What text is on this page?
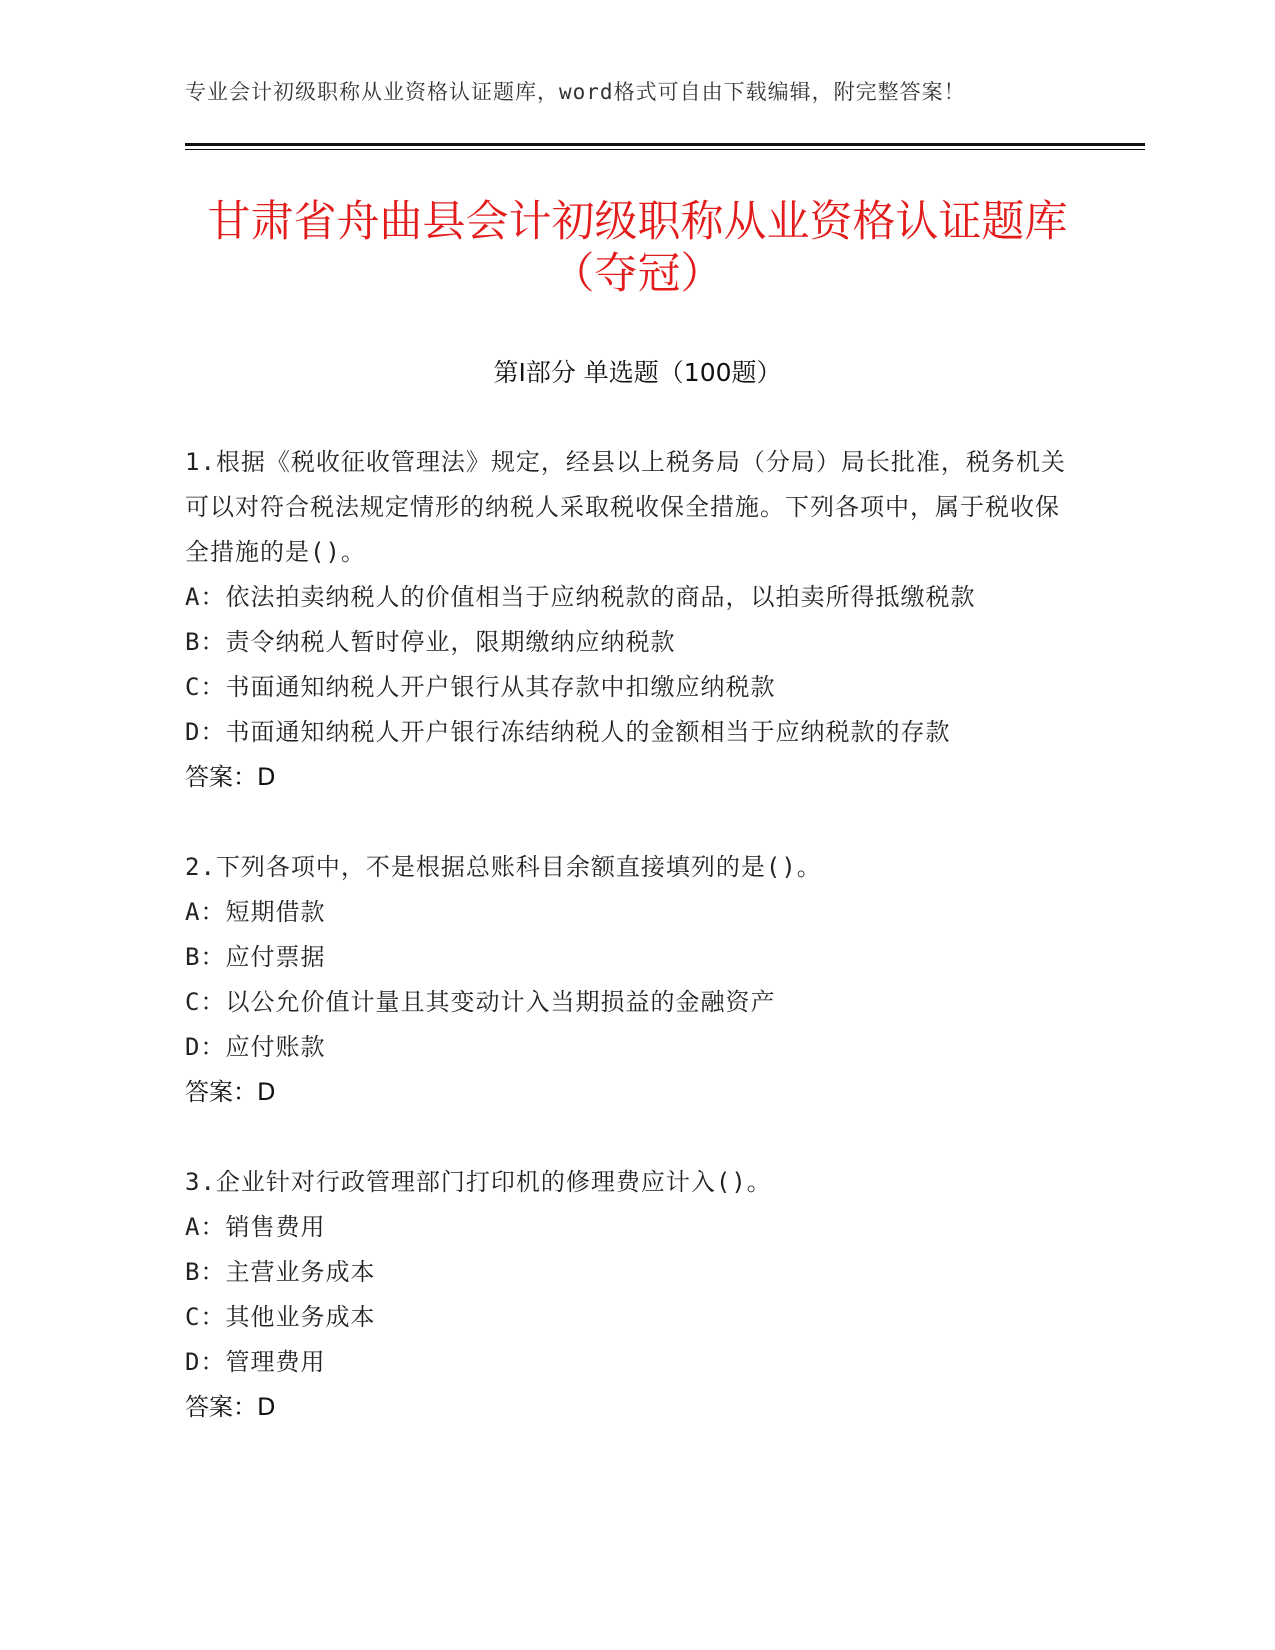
专业会计初级职称从业资格认证题库，word格式可自由下载编辑，附完整答案！
甘肃省舟曲县会计初级职称从业资格认证题库（夺冠）
第Ⅰ部分 单选题（100题）
1.根据《税收征收管理法》规定，经县以上税务局（分局）局长批准，税务机关可以对符合税法规定情形的纳税人采取税收保全措施。下列各项中，属于税收保全措施的是()。
A：依法拍卖纳税人的价值相当于应纳税款的商品，以拍卖所得抵缴税款
B：责令纳税人暂时停业，限期缴纳应纳税款
C：书面通知纳税人开户银行从其存款中扣缴应纳税款
D：书面通知纳税人开户银行冻结纳税人的金额相当于应纳税款的存款
答案：D
2.下列各项中，不是根据总账科目余额直接填列的是()。
A：短期借款
B：应付票据
C：以公允价值计量且其变动计入当期损益的金融资产
D：应付账款
答案：D
3.企业针对行政管理部门打印机的修理费应计入()。
A：销售费用
B：主营业务成本
C：其他业务成本
D：管理费用
答案：D
